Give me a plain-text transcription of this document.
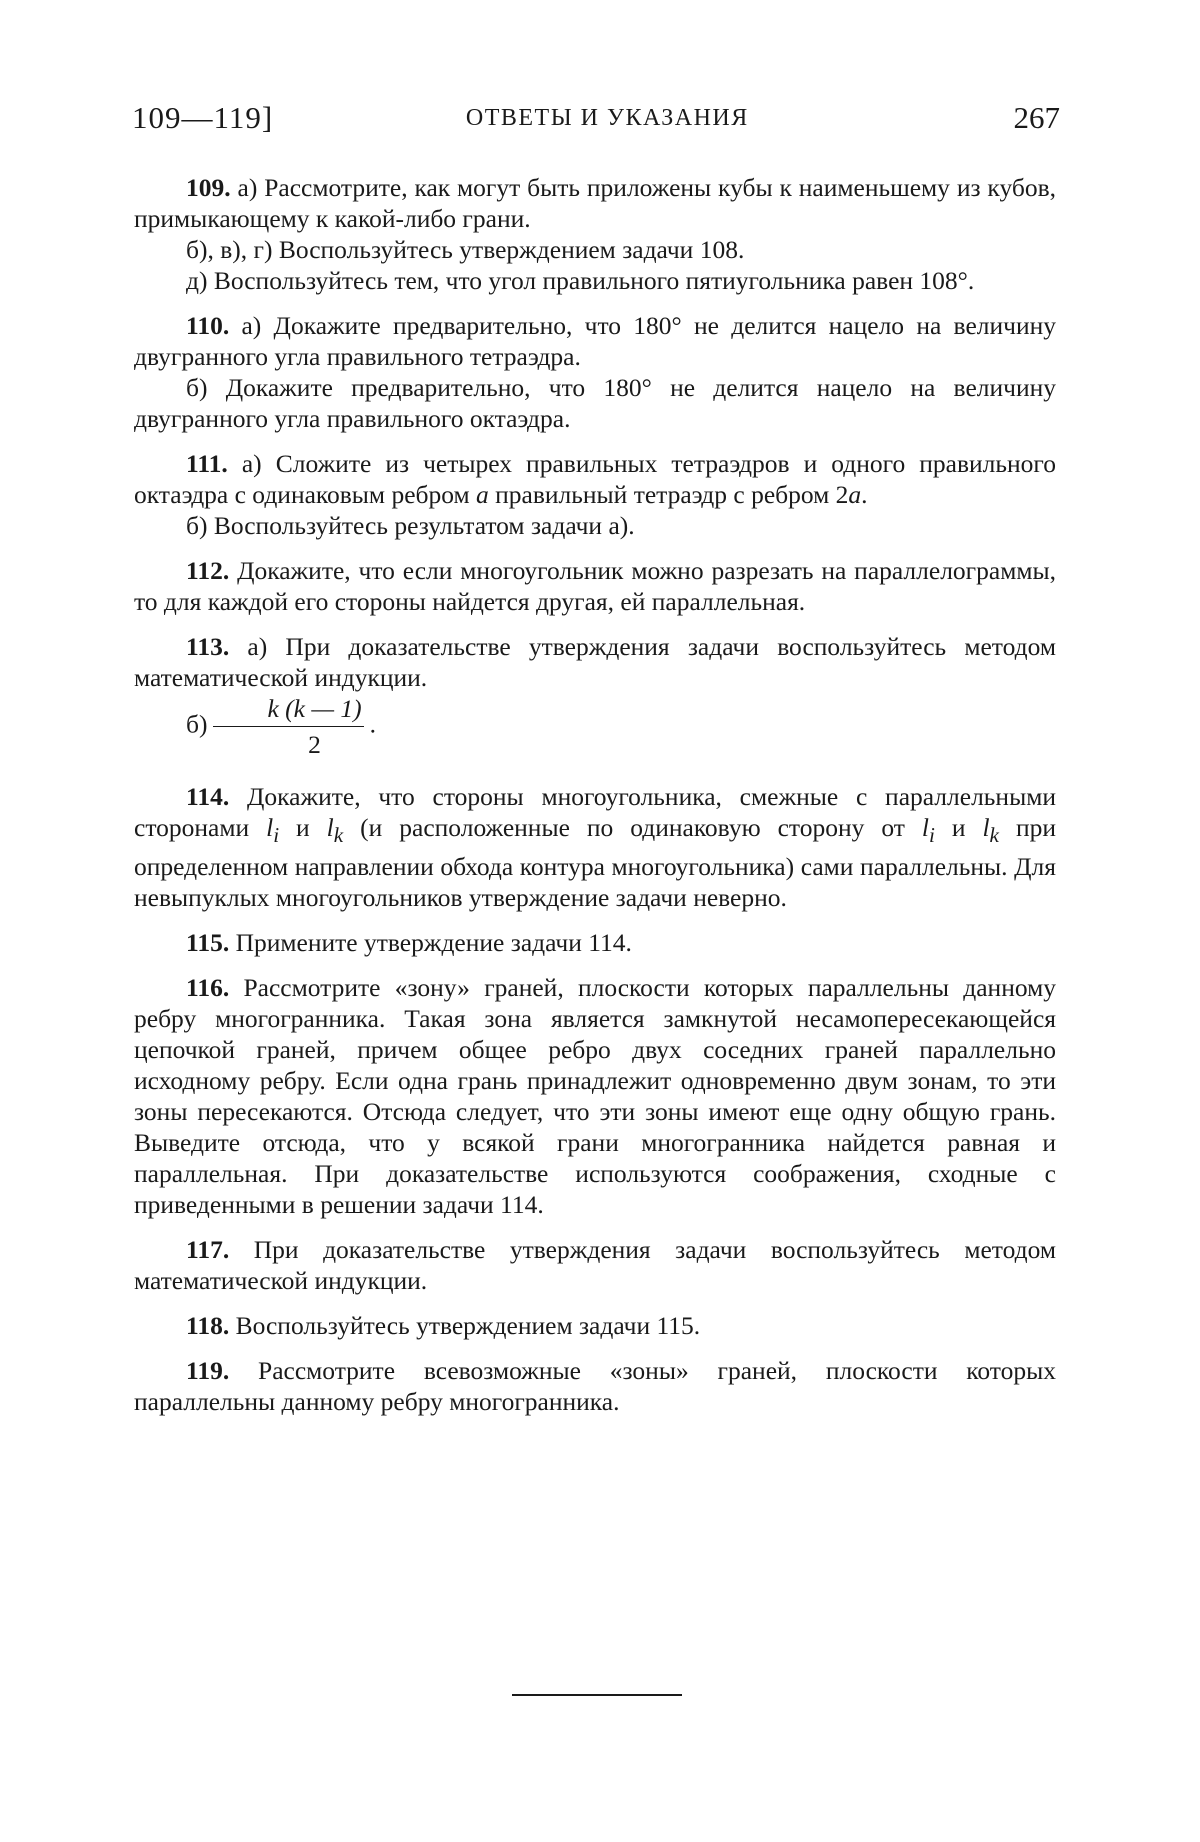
109—119]	ОТВЕТЫ И УКАЗАНИЯ	267

109. а) Рассмотрите, как могут быть приложены кубы к наименьшему из кубов, примыкающему к какой-либо грани.

б), в), г) Воспользуйтесь утверждением задачи 108.

д) Воспользуйтесь тем, что угол правильного пятиугольника равен 108°.

110. а) Докажите предварительно, что 180° не делится нацело на величину двугранного угла правильного тетраэдра.

б) Докажите предварительно, что 180° не делится нацело на величину двугранного угла правильного октаэдра.

111. а) Сложите из четырех правильных тетраэдров и одного правильного октаэдра с одинаковым ребром a правильный тетраэдр с ребром 2a.

б) Воспользуйтесь результатом задачи а).

112. Докажите, что если многоугольник можно разрезать на параллелограммы, то для каждой его стороны найдется другая, ей параллельная.

113. а) При доказательстве утверждения задачи воспользуйтесь методом математической индукции.

б)
k (k — 1)
2
.

114. Докажите, что стороны многоугольника, смежные с параллельными сторонами li и lk (и расположенные по одинаковую сторону от li и lk при определенном направлении обхода контура многоугольника) сами параллельны. Для невыпуклых многоугольников утверждение задачи неверно.

115. Примените утверждение задачи 114.

116. Рассмотрите «зону» граней, плоскости которых параллельны данному ребру многогранника. Такая зона является замкнутой несамопересекающейся цепочкой граней, причем общее ребро двух соседних граней параллельно исходному ребру. Если одна грань принадлежит одновременно двум зонам, то эти зоны пересекаются. Отсюда следует, что эти зоны имеют еще одну общую грань. Выведите отсюда, что у всякой грани многогранника найдется равная и параллельная. При доказательстве используются соображения, сходные с приведенными в решении задачи 114.

117. При доказательстве утверждения задачи воспользуйтесь методом математической индукции.

118. Воспользуйтесь утверждением задачи 115.

119. Рассмотрите всевозможные «зоны» граней, плоскости которых параллельны данному ребру многогранника.
